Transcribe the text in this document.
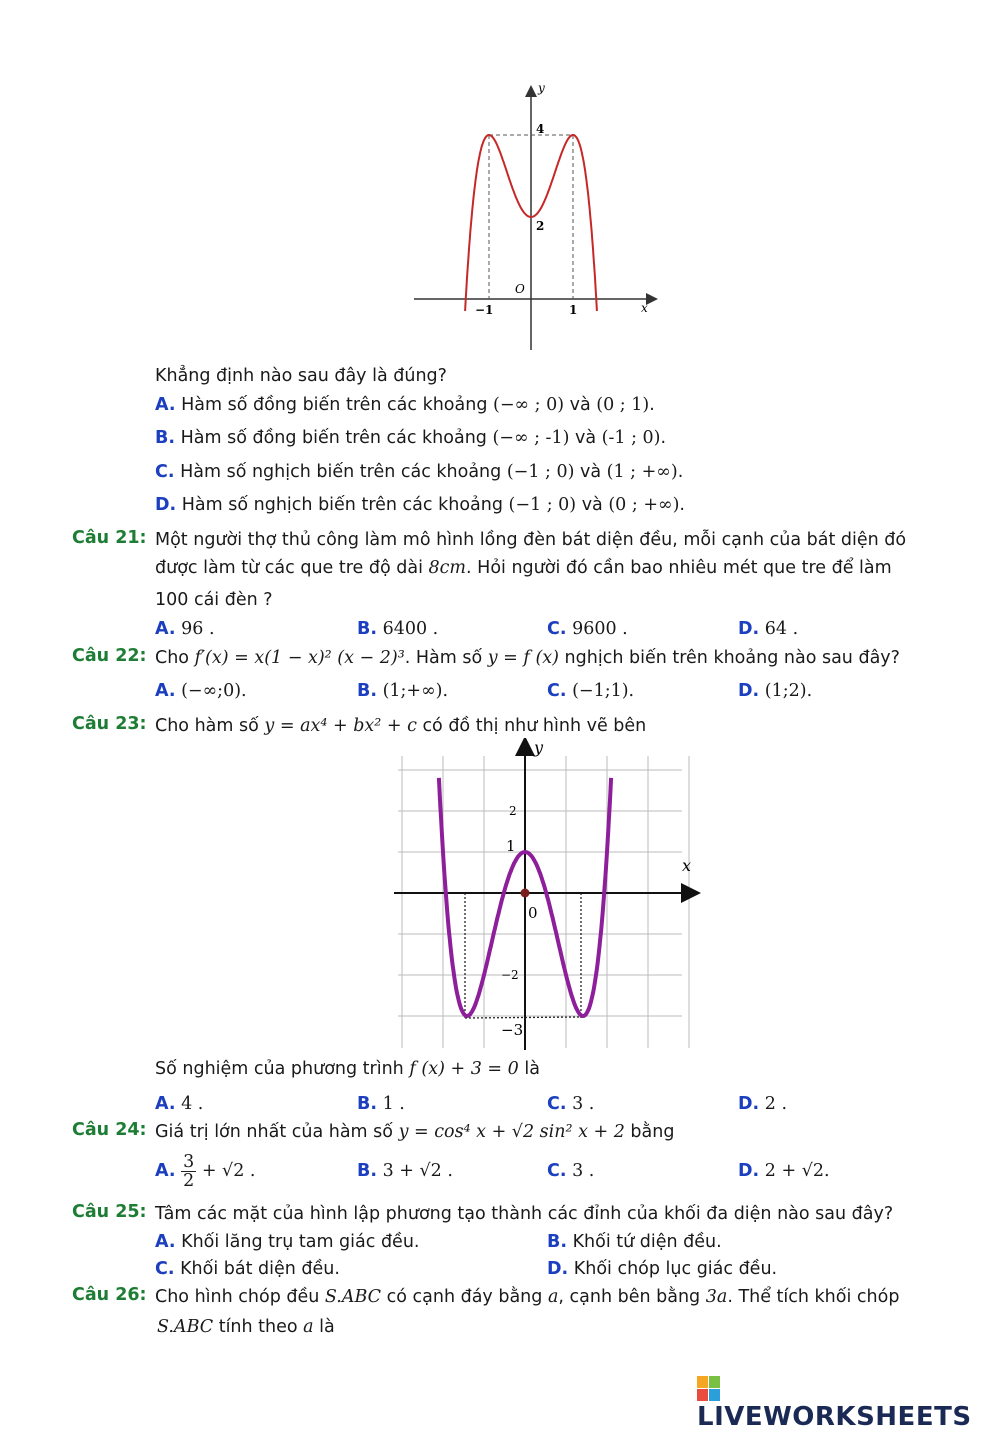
y
x
O
4
2
−1	1
Khẳng định nào sau đây là đúng?
A. Hàm số đồng biến trên các khoảng (−∞ ; 0) và (0 ; 1).
B. Hàm số đồng biến trên các khoảng (−∞ ; -1) và (-1 ; 0).
C. Hàm số nghịch biến trên các khoảng (−1 ; 0) và (1 ; +∞).
D. Hàm số nghịch biến trên các khoảng (−1 ; 0) và (0 ; +∞).
Câu 21: Một người thợ thủ công làm mô hình lồng đèn bát diện đều, mỗi cạnh của bát diện đó
được làm từ các que tre độ dài 8cm. Hỏi người đó cần bao nhiêu mét que tre để làm
100 cái đèn ?
A. 96 .	B. 6400 .	C. 9600 .	D. 64 .
Câu 22: Cho f′(x) = x(1 − x)² (x − 2)³. Hàm số y = f (x) nghịch biến trên khoảng nào sau đây?
A. (−∞;0).	B. (1;+∞).	C. (−1;1).	D. (1;2).
Câu 23: Cho hàm số y = ax⁴ + bx² + c có đồ thị như hình vẽ bên
y
x
2
1
0
−2
−3
Số nghiệm của phương trình f (x) + 3 = 0 là
A. 4 .	B. 1 .	C. 3 .	D. 2 .
Câu 24: Giá trị lớn nhất của hàm số y = cos⁴ x + √2 sin² x + 2 bằng
A. $\frac{3}{2} + √2$ .	B. 3 + √2 .	C. 3 .	D. 2 + √2.
Câu 25: Tâm các mặt của hình lập phương tạo thành các đỉnh của khối đa diện nào sau đây?
A. Khối lăng trụ tam giác đều.	B. Khối tứ diện đều.
C. Khối bát diện đều.	D. Khối chóp lục giác đều.
Câu 26: Cho hình chóp đều S.ABC có cạnh đáy bằng a, cạnh bên bằng 3a. Thể tích khối chóp
S.ABC tính theo a là
LIVEWORKSHEETS
